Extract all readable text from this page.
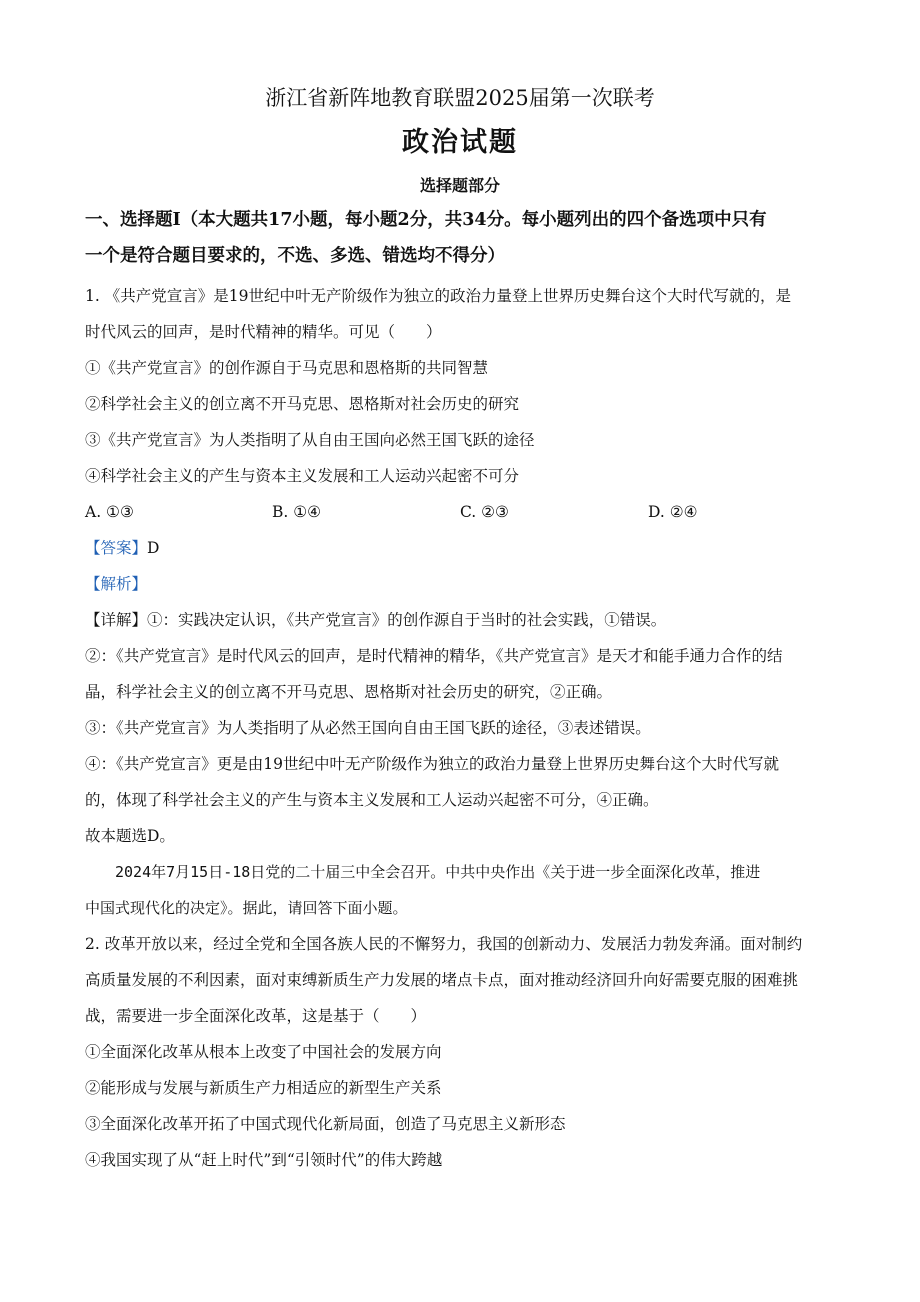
浙江省新阵地教育联盟2025届第一次联考
政治试题
选择题部分
一、选择题Ⅰ（本大题共17小题，每小题2分，共34分。每小题列出的四个备选项中只有
一个是符合题目要求的，不选、多选、错选均不得分）
1. 《共产党宣言》是19世纪中叶无产阶级作为独立的政治力量登上世界历史舞台这个大时代写就的，是
时代风云的回声，是时代精神的精华。可见（　　）
①《共产党宣言》的创作源自于马克思和恩格斯的共同智慧
②科学社会主义的创立离不开马克思、恩格斯对社会历史的研究
③《共产党宣言》为人类指明了从自由王国向必然王国飞跃的途径
④科学社会主义的产生与资本主义发展和工人运动兴起密不可分
A. ①③	B. ①④	C. ②③	D. ②④
【答案】D
【解析】
【详解】①：实践决定认识，《共产党宣言》的创作源自于当时的社会实践，①错误。
②：《共产党宣言》是时代风云的回声，是时代精神的精华，《共产党宣言》是天才和能手通力合作的结
晶，科学社会主义的创立离不开马克思、恩格斯对社会历史的研究，②正确。
③：《共产党宣言》为人类指明了从必然王国向自由王国飞跃的途径，③表述错误。
④：《共产党宣言》更是由19世纪中叶无产阶级作为独立的政治力量登上世界历史舞台这个大时代写就
的，体现了科学社会主义的产生与资本主义发展和工人运动兴起密不可分，④正确。
故本题选D。
2024年7月15日-18日党的二十届三中全会召开。中共中央作出《关于进一步全面深化改革，推进
中国式现代化的决定》。据此，请回答下面小题。
2. 改革开放以来，经过全党和全国各族人民的不懈努力，我国的创新动力、发展活力勃发奔涌。面对制约
高质量发展的不利因素，面对束缚新质生产力发展的堵点卡点，面对推动经济回升向好需要克服的困难挑
战，需要进一步全面深化改革，这是基于（　　）
①全面深化改革从根本上改变了中国社会的发展方向
②能形成与发展与新质生产力相适应的新型生产关系
③全面深化改革开拓了中国式现代化新局面，创造了马克思主义新形态
④我国实现了从“赶上时代”到“引领时代”的伟大跨越
